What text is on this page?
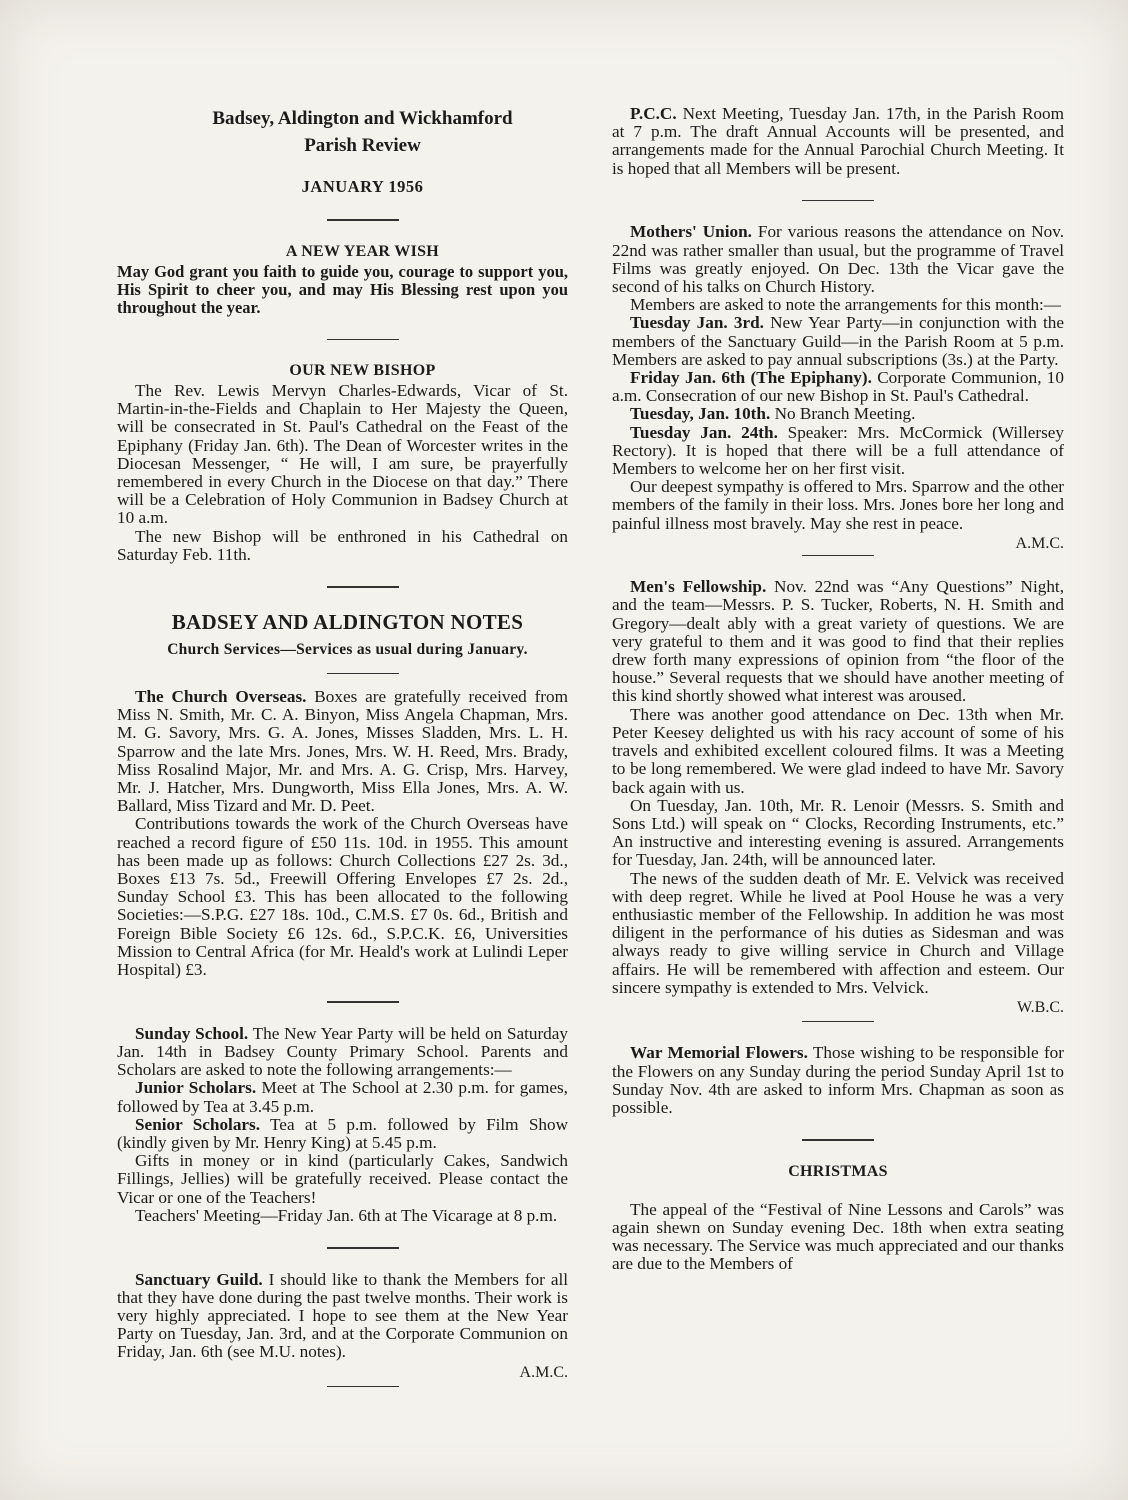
Badsey, Aldington and Wickhamford
Parish Review
JANUARY 1956
A NEW YEAR WISH

May God grant you faith to guide you, courage to support you, His Spirit to cheer you, and may His Blessing rest upon you throughout the year.

OUR NEW BISHOP

The Rev. Lewis Mervyn Charles-Edwards, Vicar of St. Martin-in-the-Fields and Chaplain to Her Majesty the Queen, will be consecrated in St. Paul's Cathedral on the Feast of the Epiphany (Friday Jan. 6th). The Dean of Worcester writes in the Diocesan Messenger, “ He will, I am sure, be prayerfully remembered in every Church in the Diocese on that day.” There will be a Celebration of Holy Communion in Badsey Church at 10 a.m.

The new Bishop will be enthroned in his Cathedral on Saturday Feb. 11th.

BADSEY AND ALDINGTON NOTES
Church Services—Services as usual during January.

The Church Overseas. Boxes are gratefully received from Miss N. Smith, Mr. C. A. Binyon, Miss Angela Chapman, Mrs. M. G. Savory, Mrs. G. A. Jones, Misses Sladden, Mrs. L. H. Sparrow and the late Mrs. Jones, Mrs. W. H. Reed, Mrs. Brady, Miss Rosalind Major, Mr. and Mrs. A. G. Crisp, Mrs. Harvey, Mr. J. Hatcher, Mrs. Dungworth, Miss Ella Jones, Mrs. A. W. Ballard, Miss Tizard and Mr. D. Peet.

Contributions towards the work of the Church Overseas have reached a record figure of £50 11s. 10d. in 1955. This amount has been made up as follows: Church Collections £27 2s. 3d., Boxes £13 7s. 5d., Freewill Offering Envelopes £7 2s. 2d., Sunday School £3. This has been allocated to the following Societies:—S.P.G. £27 18s. 10d., C.M.S. £7 0s. 6d., British and Foreign Bible Society £6 12s. 6d., S.P.C.K. £6, Universities Mission to Central Africa (for Mr. Heald's work at Lulindi Leper Hospital) £3.

Sunday School. The New Year Party will be held on Saturday Jan. 14th in Badsey County Primary School. Parents and Scholars are asked to note the following arrangements:—

Junior Scholars. Meet at The School at 2.30 p.m. for games, followed by Tea at 3.45 p.m.

Senior Scholars. Tea at 5 p.m. followed by Film Show (kindly given by Mr. Henry King) at 5.45 p.m.

Gifts in money or in kind (particularly Cakes, Sandwich Fillings, Jellies) will be gratefully received. Please contact the Vicar or one of the Teachers!

Teachers' Meeting—Friday Jan. 6th at The Vicarage at 8 p.m.

Sanctuary Guild. I should like to thank the Members for all that they have done during the past twelve months. Their work is very highly appreciated. I hope to see them at the New Year Party on Tuesday, Jan. 3rd, and at the Corporate Communion on Friday, Jan. 6th (see M.U. notes).

A.M.C.

P.C.C. Next Meeting, Tuesday Jan. 17th, in the Parish Room at 7 p.m. The draft Annual Accounts will be presented, and arrangements made for the Annual Parochial Church Meeting. It is hoped that all Members will be present.

Mothers' Union. For various reasons the attendance on Nov. 22nd was rather smaller than usual, but the programme of Travel Films was greatly enjoyed. On Dec. 13th the Vicar gave the second of his talks on Church History.

Members are asked to note the arrangements for this month:—

Tuesday Jan. 3rd. New Year Party—in conjunction with the members of the Sanctuary Guild—in the Parish Room at 5 p.m. Members are asked to pay annual subscriptions (3s.) at the Party.

Friday Jan. 6th (The Epiphany). Corporate Communion, 10 a.m. Consecration of our new Bishop in St. Paul's Cathedral.

Tuesday, Jan. 10th. No Branch Meeting.

Tuesday Jan. 24th. Speaker: Mrs. McCormick (Willersey Rectory). It is hoped that there will be a full attendance of Members to welcome her on her first visit.

Our deepest sympathy is offered to Mrs. Sparrow and the other members of the family in their loss. Mrs. Jones bore her long and painful illness most bravely. May she rest in peace.

A.M.C.

Men's Fellowship. Nov. 22nd was “Any Questions” Night, and the team—Messrs. P. S. Tucker, Roberts, N. H. Smith and Gregory—dealt ably with a great variety of questions. We are very grateful to them and it was good to find that their replies drew forth many expressions of opinion from “the floor of the house.” Several requests that we should have another meeting of this kind shortly showed what interest was aroused.

There was another good attendance on Dec. 13th when Mr. Peter Keesey delighted us with his racy account of some of his travels and exhibited excellent coloured films. It was a Meeting to be long remembered. We were glad indeed to have Mr. Savory back again with us.

On Tuesday, Jan. 10th, Mr. R. Lenoir (Messrs. S. Smith and Sons Ltd.) will speak on “ Clocks, Recording Instruments, etc.” An instructive and interesting evening is assured. Arrangements for Tuesday, Jan. 24th, will be announced later.

The news of the sudden death of Mr. E. Velvick was received with deep regret. While he lived at Pool House he was a very enthusiastic member of the Fellowship. In addition he was most diligent in the performance of his duties as Sidesman and was always ready to give willing service in Church and Village affairs. He will be remembered with affection and esteem. Our sincere sympathy is extended to Mrs. Velvick.

W.B.C.

War Memorial Flowers. Those wishing to be responsible for the Flowers on any Sunday during the period Sunday April 1st to Sunday Nov. 4th are asked to inform Mrs. Chapman as soon as possible.

CHRISTMAS

The appeal of the “Festival of Nine Lessons and Carols” was again shewn on Sunday evening Dec. 18th when extra seating was necessary. The Service was much appreciated and our thanks are due to the Members of
